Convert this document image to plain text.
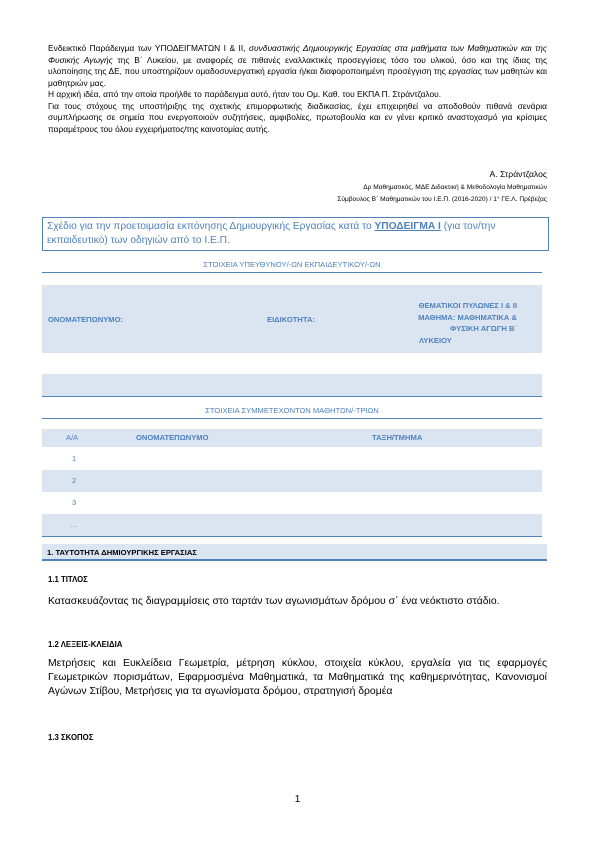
Ενδεικτικό Παράδειγμα των ΥΠΟΔΕΙΓΜΑΤΩΝ Ι & ΙΙ, συνδυαστικής Δημιουργικής Εργασίας στα μαθήματα των Μαθηματικών και της Φυσικής Αγωγής της Β΄ Λυκείου, με αναφορές σε πιθανές εναλλακτικές προσεγγίσεις τόσο του υλικού, όσο και της ίδιας της υλοποίησης της ΔΕ, που υποστηρίζουν ομαδοσυνεργατική εργασία ή/και διαφοροποιημένη προσέγγιση της εργασίας των μαθητών και μαθητριών μας.

Η αρχική ιδέα, από την οποία προήλθε το παράδειγμα αυτό, ήταν του Ομ. Καθ. του ΕΚΠΑ Π. Στράντζαλου.

Για τους στόχους της υποστήριξης της σχετικής επιμορφωτικής διαδικασίας, έχει επιχειρηθεί να αποδοθούν πιθανά σενάρια συμπλήρωσης σε σημεία που ενεργοποιούν συζητήσεις, αμφιβολίες, πρωτοβουλία και εν γένει κριτικό αναστοχασμό για κρίσιμες παραμέτρους του όλου εγχειρήματος/της καινοτομίας αυτής.

Α. Στράντζαλος
Δρ Μαθηματικός, ΜΔΕ Διδακτική & Μεθοδολογία Μαθηματικών
Σύμβουλος Β΄ Μαθηματικών του Ι.Ε.Π. (2016-2020) / 1° ΓΕ.Λ. Πρέβεζας
Σχέδιο για την προετοιμασία εκπόνησης Δημιουργικής Εργασίας κατά το ΥΠΟΔΕΙΓΜΑ Ι (για τον/την εκπαιδευτικό) των οδηγιών από το Ι.Ε.Π.
ΣΤΟΙΧΕΙΑ ΥΠΕΥΘΥΝΟΥ/-ΩΝ ΕΚΠΑΙΔΕΥΤΙΚΟΥ/-ΩΝ
ΟΝΟΜΑΤΕΠΩΝΥΜΟ:	ΕΙΔΙΚΟΤΗΤΑ:
ΘΕΜΑΤΙΚΟΙ ΠΥΛΩΝΕΣ Ι & ΙΙ
ΜΑΘΗΜΑ: ΜΑΘΗΜΑΤΙΚΑ &
ΦΥΣΙΚΗ ΑΓΩΓΗ Β΄
ΛΥΚΕΙΟΥ
ΣΤΟΙΧΕΙΑ ΣΥΜΜΕΤΕΧΟΝΤΩΝ ΜΑΘΗΤΩΝ/-ΤΡΙΩΝ
Α/Α	ΟΝΟΜΑΤΕΠΩΝΥΜΟ	ΤΑΞΗ/ΤΜΗΜΑ
1
2
3
…
1. ΤΑΥΤΟΤΗΤΑ ΔΗΜΙΟΥΡΓΙΚΗΣ ΕΡΓΑΣΙΑΣ
1.1 ΤΙΤΛΟΣ
Κατασκευάζοντας τις διαγραμμίσεις στο ταρτάν των αγωνισμάτων δρόμου σ΄ ένα νεόκτιστο στάδιο.
1.2 ΛΕΞΕΙΣ-ΚΛΕΙΔΙΑ
Μετρήσεις και Ευκλείδεια Γεωμετρία, μέτρηση κύκλου, στοιχεία κύκλου, εργαλεία για τις εφαρμογές Γεωμετρικών πορισμάτων, Εφαρμοσμένα Μαθηματικά, τα Μαθηματικά της καθημερινότητας, Κανονισμοί Αγώνων Στίβου, Μετρήσεις για τα αγωνίσματα δρόμου, στρατηγισή δρομέα
1.3 ΣΚΟΠΟΣ
1
